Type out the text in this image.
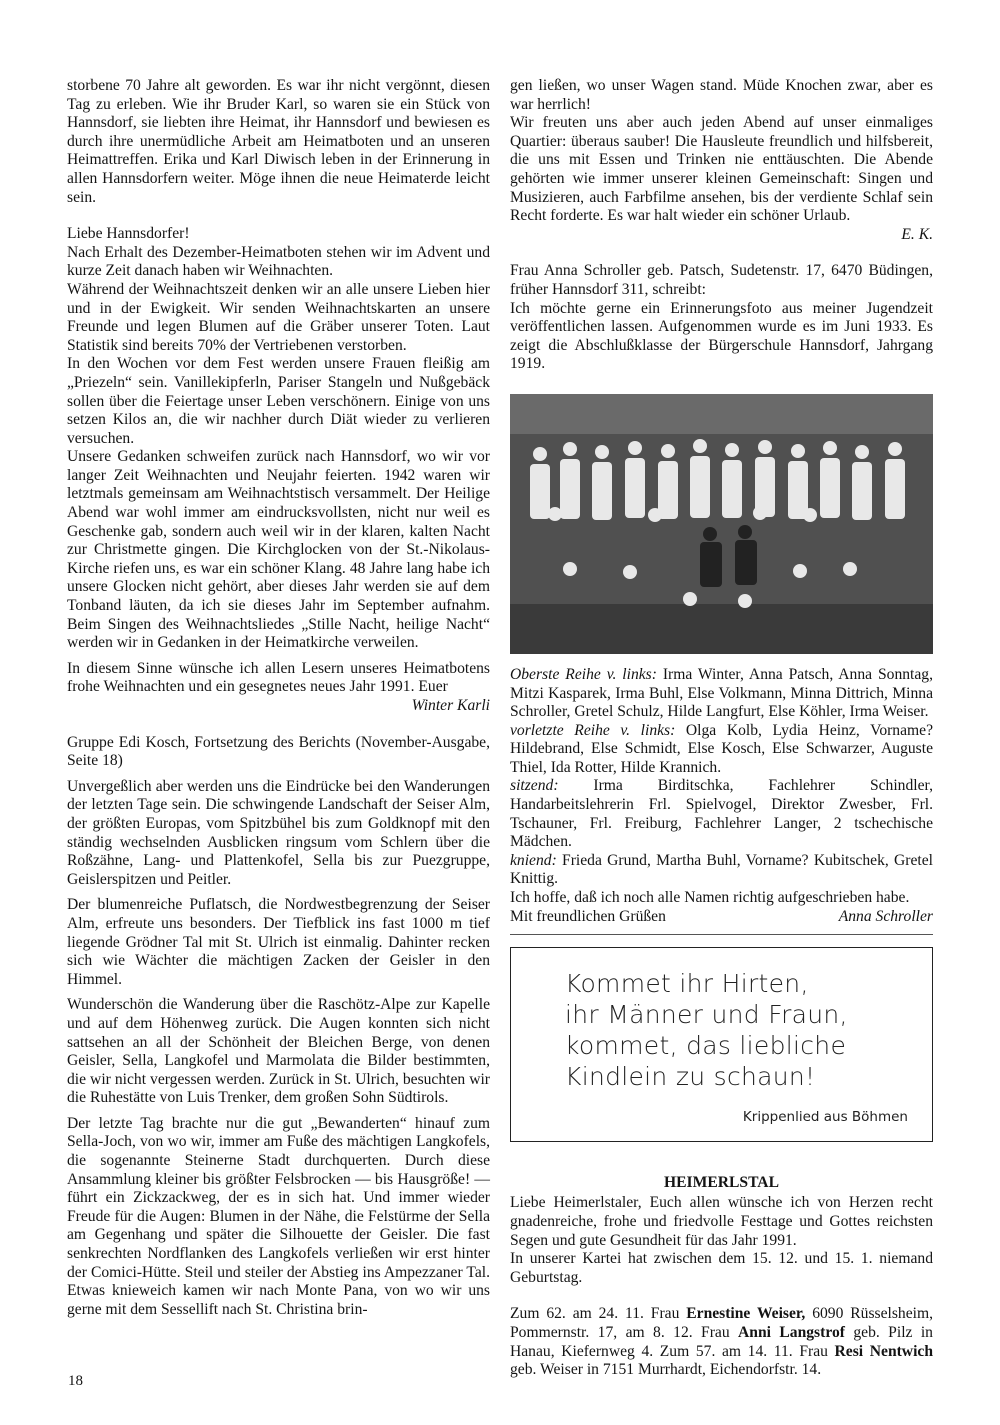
storbene 70 Jahre alt geworden. Es war ihr nicht vergönnt, diesen Tag zu erleben. Wie ihr Bruder Karl, so waren sie ein Stück von Hannsdorf, sie liebten ihre Heimat, ihr Hannsdorf und bewiesen es durch ihre unermüdliche Arbeit am Heimatboten und an unseren Heimattreffen. Erika und Karl Diwisch leben in der Erinnerung in allen Hannsdorfern weiter. Möge ihnen die neue Heimaterde leicht sein.

Liebe Hannsdorfer!

Nach Erhalt des Dezember-Heimatboten stehen wir im Advent und kurze Zeit danach haben wir Weihnachten.

Während der Weihnachtszeit denken wir an alle unsere Lieben hier und in der Ewigkeit. Wir senden Weihnachtskarten an unsere Freunde und legen Blumen auf die Gräber unserer Toten. Laut Statistik sind bereits 70% der Vertriebenen verstorben.

In den Wochen vor dem Fest werden unsere Frauen fleißig am „Priezeln“ sein. Vanillekipferln, Pariser Stangeln und Nußgebäck sollen über die Feiertage unser Leben verschönern. Einige von uns setzen Kilos an, die wir nachher durch Diät wieder zu verlieren versuchen.

Unsere Gedanken schweifen zurück nach Hannsdorf, wo wir vor langer Zeit Weihnachten und Neujahr feierten. 1942 waren wir letztmals gemeinsam am Weihnachtstisch versammelt. Der Heilige Abend war wohl immer am eindrucksvollsten, nicht nur weil es Geschenke gab, sondern auch weil wir in der klaren, kalten Nacht zur Christmette gingen. Die Kirchglocken von der St.-Nikolaus-Kirche riefen uns, es war ein schöner Klang. 48 Jahre lang habe ich unsere Glocken nicht gehört, aber dieses Jahr werden sie auf dem Tonband läuten, da ich sie dieses Jahr im September aufnahm. Beim Singen des Weihnachtsliedes „Stille Nacht, heilige Nacht“ werden wir in Gedanken in der Heimatkirche verweilen.

In diesem Sinne wünsche ich allen Lesern unseres Heimatbotens frohe Weihnachten und ein gesegnetes neues Jahr 1991. Euer

Winter Karli

Gruppe Edi Kosch, Fortsetzung des Berichts (November-Ausgabe, Seite 18)

Unvergeßlich aber werden uns die Eindrücke bei den Wanderungen der letzten Tage sein. Die schwingende Landschaft der Seiser Alm, der größten Europas, vom Spitzbühel bis zum Goldknopf mit den ständig wechselnden Ausblicken ringsum vom Schlern über die Roßzähne, Lang- und Plattenkofel, Sella bis zur Puezgruppe, Geislerspitzen und Peitler.

Der blumenreiche Puflatsch, die Nordwestbegrenzung der Seiser Alm, erfreute uns besonders. Der Tiefblick ins fast 1000 m tief liegende Grödner Tal mit St. Ulrich ist einmalig. Dahinter recken sich wie Wächter die mächtigen Zacken der Geisler in den Himmel.

Wunderschön die Wanderung über die Raschötz-Alpe zur Kapelle und auf dem Höhenweg zurück. Die Augen konnten sich nicht sattsehen an all der Schönheit der Bleichen Berge, von denen Geisler, Sella, Langkofel und Marmolata die Bilder bestimmten, die wir nicht vergessen werden. Zurück in St. Ulrich, besuchten wir die Ruhestätte von Luis Trenker, dem großen Sohn Südtirols.

Der letzte Tag brachte nur die gut „Bewanderten“ hinauf zum Sella-Joch, von wo wir, immer am Fuße des mächtigen Langkofels, die sogenannte Steinerne Stadt durchquerten. Durch diese Ansammlung kleiner bis größter Felsbrocken — bis Hausgröße! — führt ein Zickzackweg, der es in sich hat. Und immer wieder Freude für die Augen: Blumen in der Nähe, die Felstürme der Sella am Gegenhang und später die Silhouette der Geisler. Die fast senkrechten Nordflanken des Langkofels verließen wir erst hinter der Comici-Hütte. Steil und steiler der Abstieg ins Ampezzaner Tal. Etwas knieweich kamen wir nach Monte Pana, von wo wir uns gerne mit dem Sessellift nach St. Christina brin-

gen ließen, wo unser Wagen stand. Müde Knochen zwar, aber es war herrlich!

Wir freuten uns aber auch jeden Abend auf unser einmaliges Quartier: überaus sauber! Die Hausleute freundlich und hilfsbereit, die uns mit Essen und Trinken nie enttäuschten. Die Abende gehörten wie immer unserer kleinen Gemeinschaft: Singen und Musizieren, auch Farbfilme ansehen, bis der verdiente Schlaf sein Recht forderte. Es war halt wieder ein schöner Urlaub.

E. K.

Frau Anna Schroller geb. Patsch, Sudetenstr. 17, 6470 Büdingen, früher Hannsdorf 311, schreibt:

Ich möchte gerne ein Erinnerungsfoto aus meiner Jugendzeit veröffentlichen lassen. Aufgenommen wurde es im Juni 1933. Es zeigt die Abschlußklasse der Bürgerschule Hannsdorf, Jahrgang 1919.

Oberste Reihe v. links: Irma Winter, Anna Patsch, Anna Sonntag, Mitzi Kasparek, Irma Buhl, Else Volkmann, Minna Dittrich, Minna Schroller, Gretel Schulz, Hilde Langfurt, Else Köhler, Irma Weiser.

vorletzte Reihe v. links: Olga Kolb, Lydia Heinz, Vorname? Hildebrand, Else Schmidt, Else Kosch, Else Schwarzer, Auguste Thiel, Ida Rotter, Hilde Krannich.

sitzend: Irma Birditschka, Fachlehrer Schindler, Handarbeitslehrerin Frl. Spielvogel, Direktor Zwesber, Frl. Tschauner, Frl. Freiburg, Fachlehrer Langer, 2 tschechische Mädchen.

kniend: Frieda Grund, Martha Buhl, Vorname? Kubitschek, Gretel Knittig.

Ich hoffe, daß ich noch alle Namen richtig aufgeschrieben habe.

Mit freundlichen Grüßen	Anna Schroller

Kommet ihr Hirten,
ihr Männer und Fraun,
kommet, das liebliche
Kindlein zu schaun!
Krippenlied aus Böhmen

HEIMERLSTAL

Liebe Heimerlstaler, Euch allen wünsche ich von Herzen recht gnadenreiche, frohe und friedvolle Festtage und Gottes reichsten Segen und gute Gesundheit für das Jahr 1991.

In unserer Kartei hat zwischen dem 15. 12. und 15. 1. niemand Geburtstag.

Zum 62. am 24. 11. Frau Ernestine Weiser, 6090 Rüsselsheim, Pommernstr. 17, am 8. 12. Frau Anni Langstrof geb. Pilz in Hanau, Kiefernweg 4. Zum 57. am 14. 11. Frau Resi Nentwich geb. Weiser in 7151 Murrhardt, Eichendorfstr. 14.

18
